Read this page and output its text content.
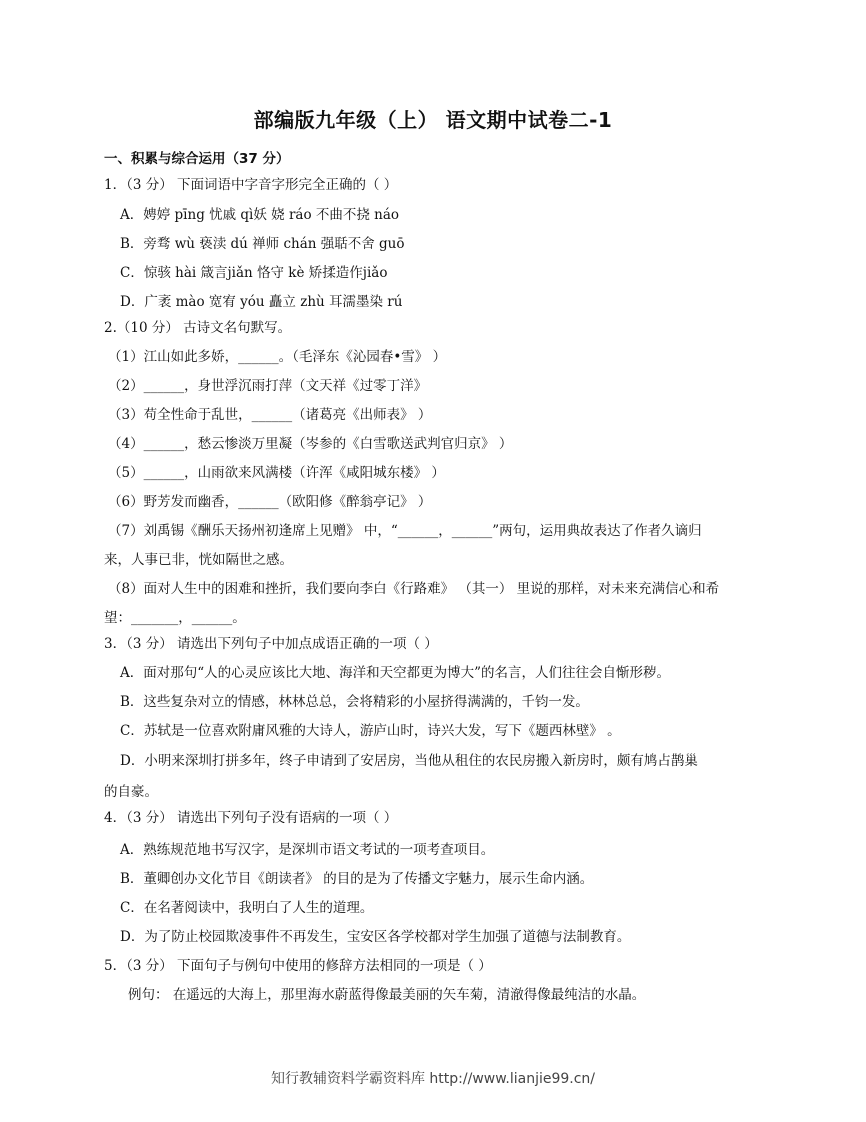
部编版九年级（上） 语文期中试卷二-1
一、积累与综合运用（37 分）
1．（3 分） 下面词语中字音字形完全正确的（ ）
A．娉婷 pīng 忧戚 qì妖 娆 ráo 不曲不挠 náo
B．旁骛 wù 亵渎 dú 禅师 chán 强聒不舍 guō
C．惊骇 hài 箴言jiǎn 恪守 kè 矫揉造作jiǎo
D．广袤 mào 宽宥 yóu 矗立 zhù 耳濡墨染 rú
2.（10 分） 古诗文名句默写。
（1）江山如此多娇，______。（毛泽东《沁园春•雪》 ）
（2）______，身世浮沉雨打萍（文天祥《过零丁洋》
（3）苟全性命于乱世，______（诸葛亮《出师表》 ）
（4）______，愁云惨淡万里凝（岑参的《白雪歌送武判官归京》 ）
（5）______，山雨欲来风满楼（许浑《咸阳城东楼》 ）
（6）野芳发而幽香，______（欧阳修《醉翁亭记》 ）
（7）刘禹锡《酬乐天扬州初逢席上见赠》 中，“______，______”两句，运用典故表达了作者久谪归
来，人事已非，恍如隔世之感。
（8）面对人生中的困难和挫折，我们要向李白《行路难》 （其一） 里说的那样，对未来充满信心和希
望：_______，______。
3．（3 分） 请选出下列句子中加点成语正确的一项（ ）
A．面对那句“人的心灵应该比大地、海洋和天空都更为博大”的名言，人们往往会自惭形秽。
B．这些复杂对立的情感，林林总总，会将精彩的小屋挤得满满的，千钧一发。
C．苏轼是一位喜欢附庸风雅的大诗人，游庐山时，诗兴大发，写下《题西林壁》 。
D．小明来深圳打拼多年，终子申请到了安居房，当他从租住的农民房搬入新房时，颇有鸠占鹊巢
的自豪。
4．（3 分） 请选出下列句子没有语病的一项（ ）
A．熟练规范地书写汉字，是深圳市语文考试的一项考查项目。
B．董卿创办文化节目《朗读者》 的目的是为了传播文字魅力，展示生命内涵。
C．在名著阅读中，我明白了人生的道理。
D．为了防止校园欺凌事件不再发生，宝安区各学校都对学生加强了道德与法制教育。
5．（3 分） 下面句子与例句中使用的修辞方法相同的一项是（ ）
例句： 在遥远的大海上，那里海水蔚蓝得像最美丽的矢车菊，清澈得像最纯洁的水晶。
知行教辅资料学霸资料库 http://www.lianjie99.cn/
